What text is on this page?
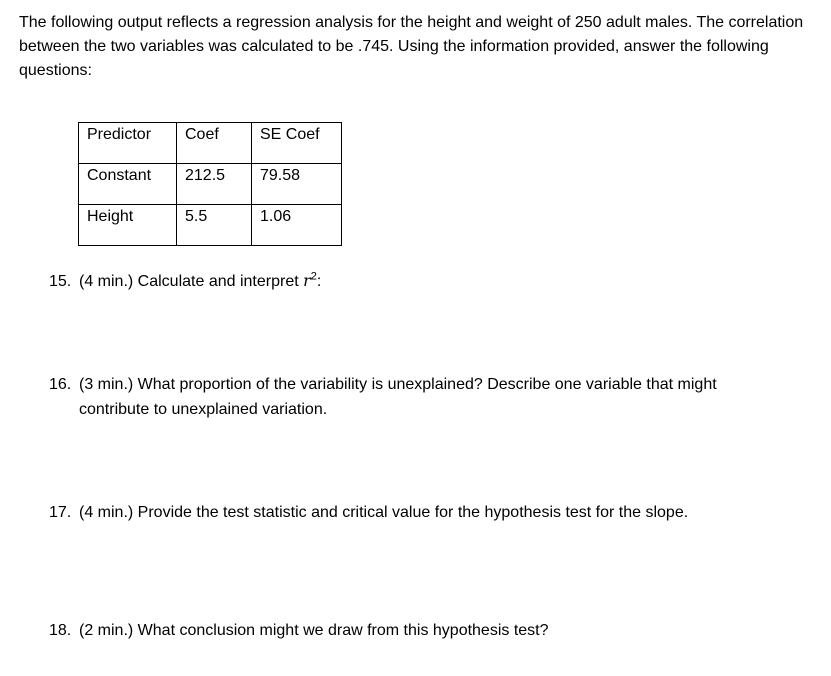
The following output reflects a regression analysis for the height and weight of 250 adult males. The correlation between the two variables was calculated to be .745. Using the information provided, answer the following questions:

Predictor	Coef	SE Coef
Constant	212.5	79.58
Height	5.5	1.06
15. (4 min.) Calculate and interpret $r^2$:
16. (3 min.) What proportion of the variability is unexplained? Describe one variable that might
contribute to unexplained variation.
17. (4 min.) Provide the test statistic and critical value for the hypothesis test for the slope.
18. (2 min.) What conclusion might we draw from this hypothesis test?
